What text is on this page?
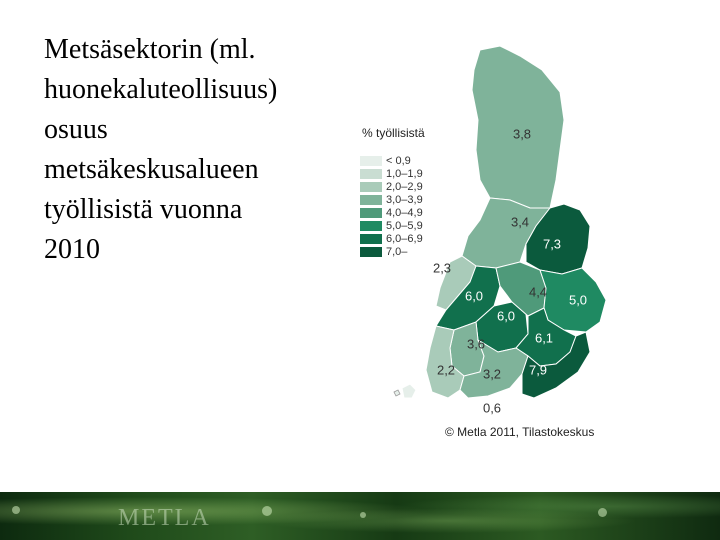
Metsäsektorin (ml.
huonekaluteollisuus)
osuus
metsäkeskusalueen
työllisistä vuonna
2010
% työllisistä
< 0,9
1,0–1,9
2,0–2,9
3,0–3,9
4,0–4,9
5,0–5,9
6,0–6,9
7,0–
3,8
3,4
7,3
2,3
6,0
6,0
4,4
5,0
6,1
3,6
2,2 3,2 7,9
0,6
© Metla 2011, Tilastokeskus
METLA
